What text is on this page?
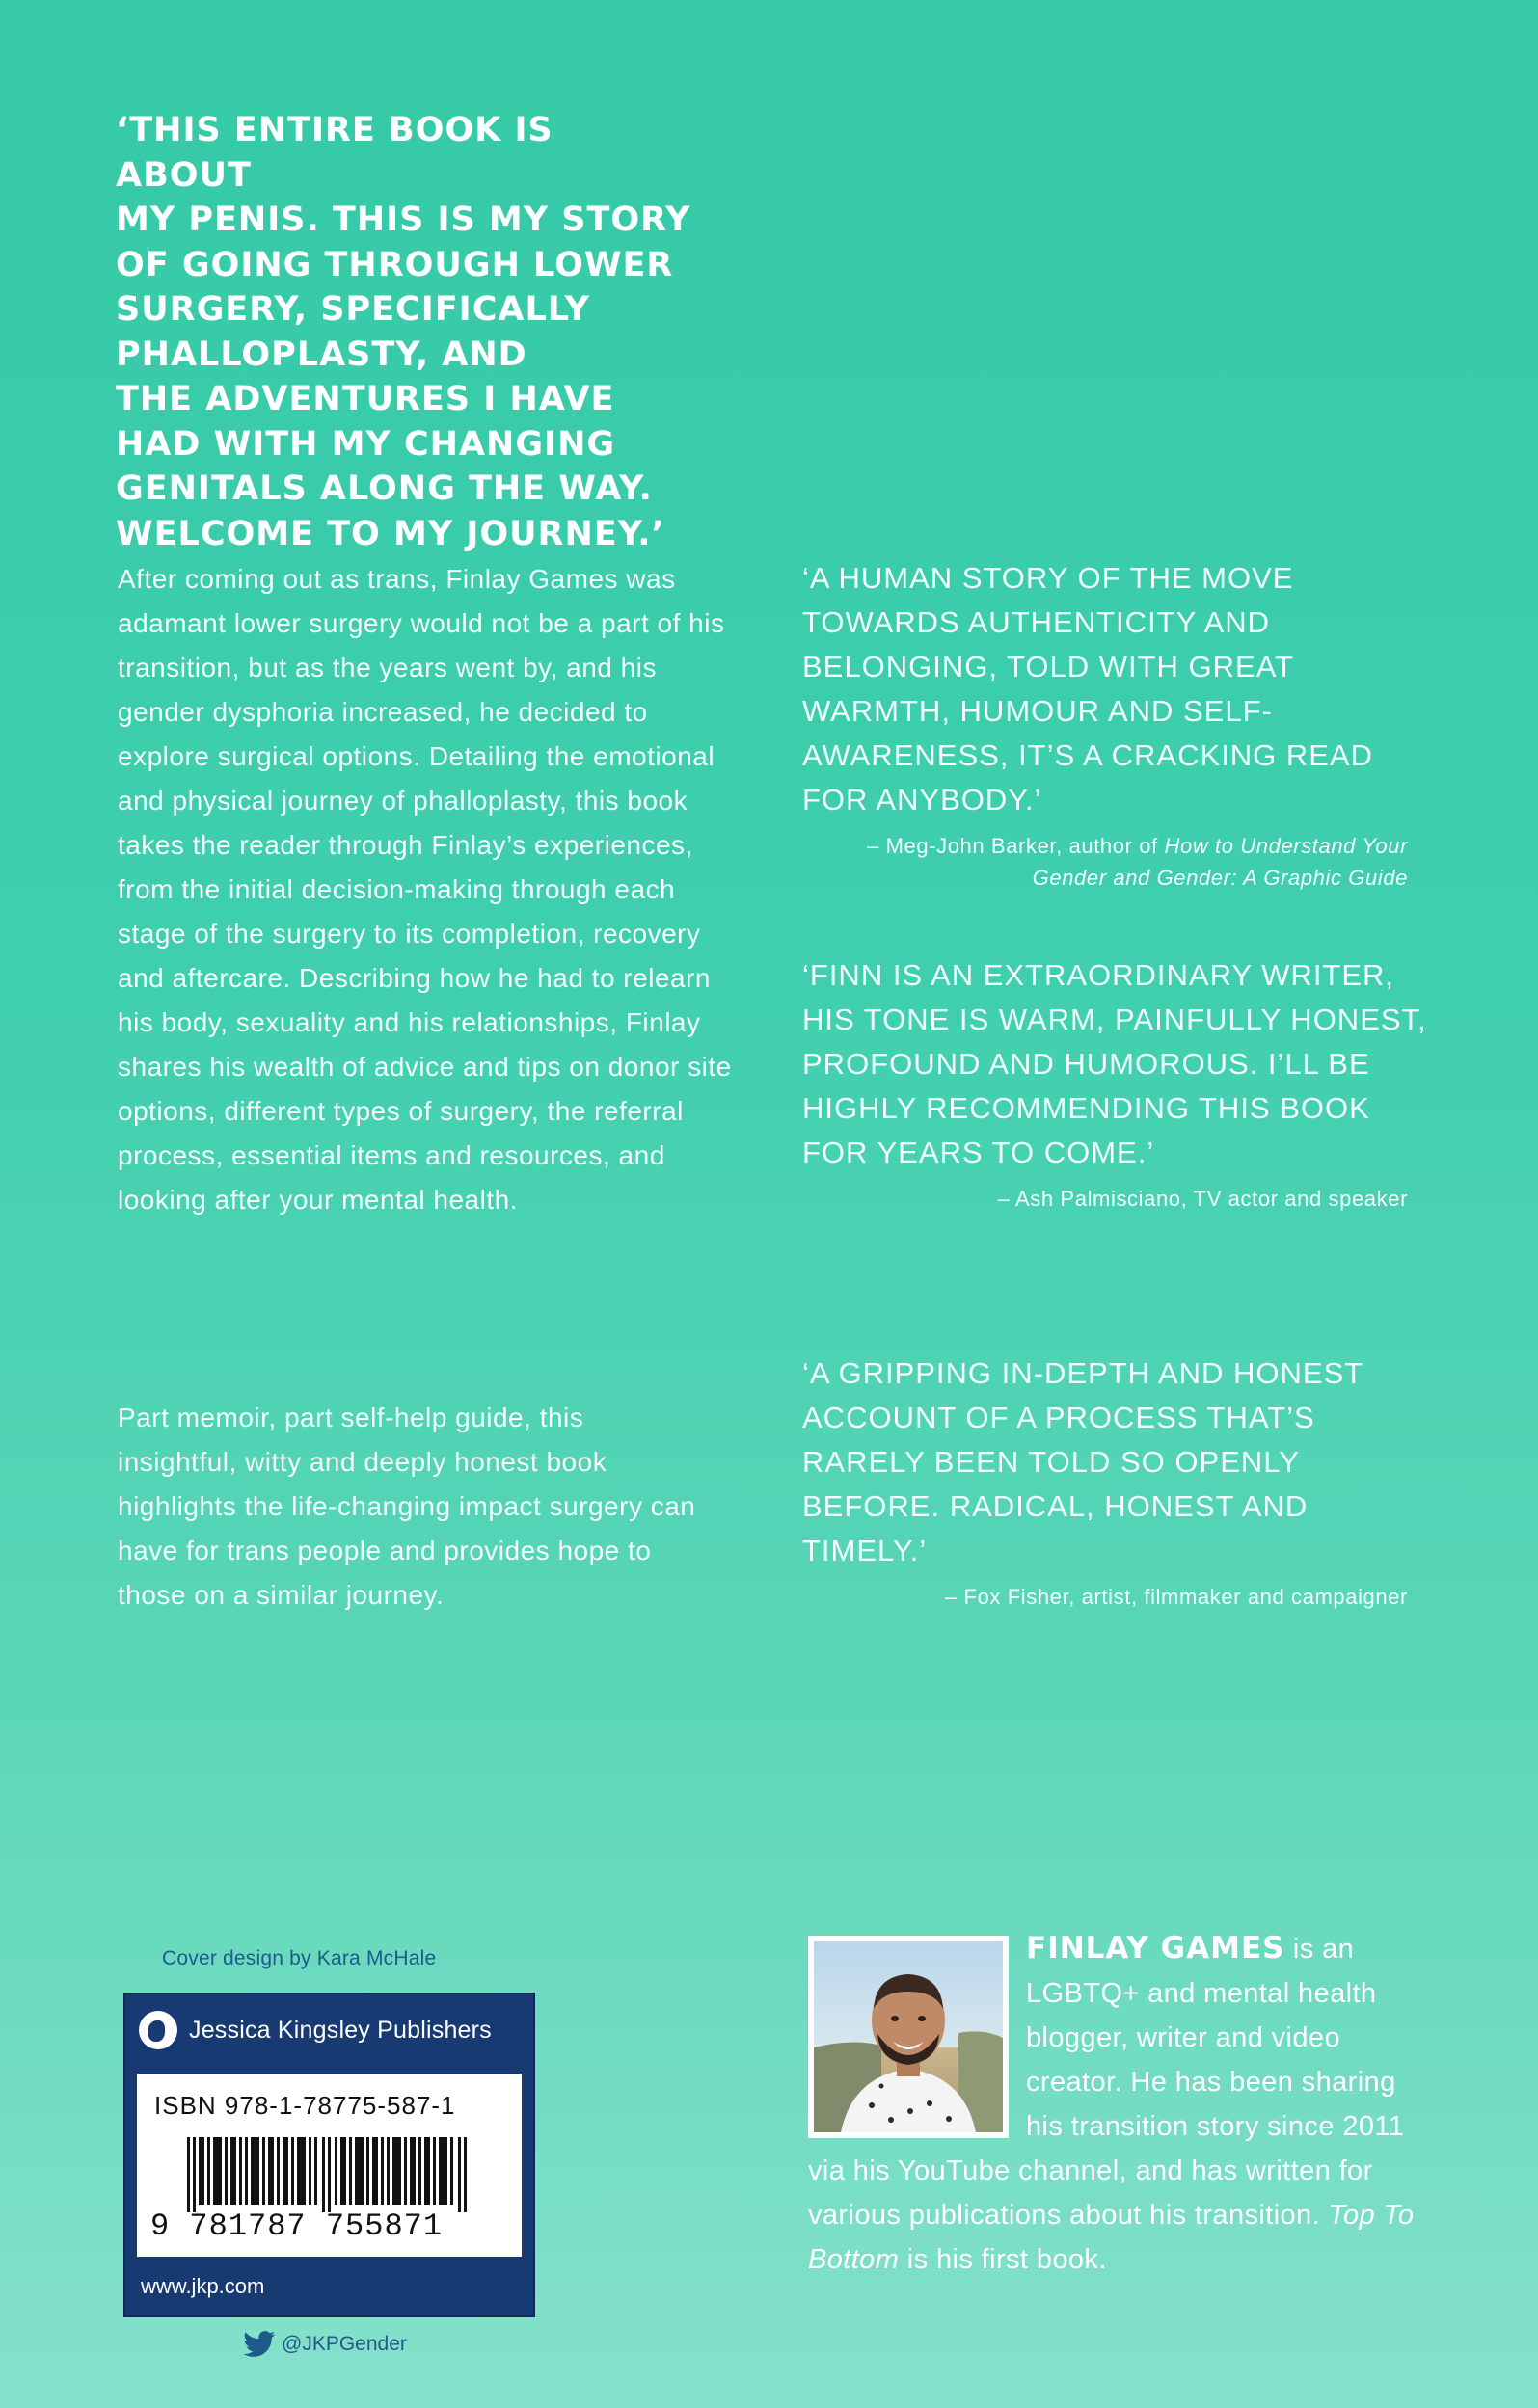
‘THIS ENTIRE BOOK IS ABOUT
MY PENIS. THIS IS MY STORY
OF GOING THROUGH LOWER
SURGERY, SPECIFICALLY
PHALLOPLASTY, AND
THE ADVENTURES I HAVE
HAD WITH MY CHANGING
GENITALS ALONG THE WAY.
WELCOME TO MY JOURNEY.’

After coming out as trans, Finlay Games was adamant lower surgery would not be a part of his transition, but as the years went by, and his gender dysphoria increased, he decided to explore surgical options. Detailing the emotional and physical journey of phalloplasty, this book takes the reader through Finlay’s experiences, from the initial decision-making through each stage of the surgery to its completion, recovery and aftercare. Describing how he had to relearn his body, sexuality and his relationships, Finlay shares his wealth of advice and tips on donor site options, different types of surgery, the referral process, essential items and resources, and looking after your mental health.

Part memoir, part self-help guide, this insightful, witty and deeply honest book highlights the life-changing impact surgery can have for trans people and provides hope to those on a similar journey.

‘A HUMAN STORY OF THE MOVE TOWARDS AUTHENTICITY AND BELONGING, TOLD WITH GREAT WARMTH, HUMOUR AND SELF-AWARENESS, IT’S A CRACKING READ FOR ANYBODY.’

– Meg-John Barker, author of How to Understand Your Gender and Gender: A Graphic Guide

‘FINN IS AN EXTRAORDINARY WRITER, HIS TONE IS WARM, PAINFULLY HONEST, PROFOUND AND HUMOROUS. I’LL BE HIGHLY RECOMMENDING THIS BOOK FOR YEARS TO COME.’

– Ash Palmisciano, TV actor and speaker

‘A GRIPPING IN-DEPTH AND HONEST ACCOUNT OF A PROCESS THAT’S RARELY BEEN TOLD SO OPENLY BEFORE. RADICAL, HONEST AND TIMELY.’

– Fox Fisher, artist, filmmaker and campaigner

Cover design by Kara McHale
Jessica Kingsley Publishers
ISBN 978-1-78775-587-1
9 781787 755871
www.jkp.com
@JKPGender

FINLAY GAMES is an LGBTQ+ and mental health blogger, writer and video creator. He has been sharing his transition story since 2011 via his YouTube channel, and has written for various publications about his transition. Top To Bottom is his first book.
